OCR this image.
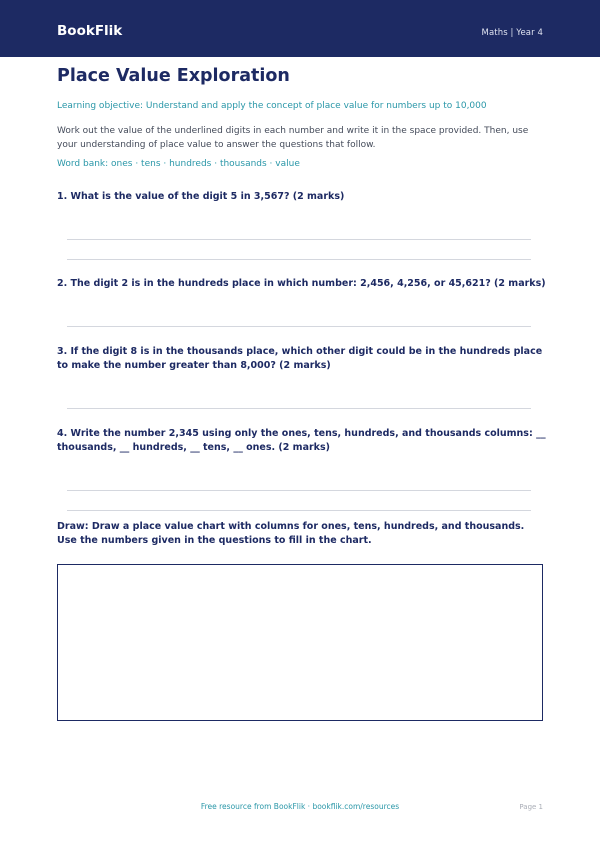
BookFlik	Maths | Year 4
Place Value Exploration
Learning objective: Understand and apply the concept of place value for numbers up to 10,000
Work out the value of the underlined digits in each number and write it in the space provided. Then, use your understanding of place value to answer the questions that follow.
Word bank: ones · tens · hundreds · thousands · value
1. What is the value of the digit 5 in 3,567? (2 marks)
2. The digit 2 is in the hundreds place in which number: 2,456, 4,256, or 45,621? (2 marks)
3. If the digit 8 is in the thousands place, which other digit could be in the hundreds place to make the number greater than 8,000? (2 marks)
4. Write the number 2,345 using only the ones, tens, hundreds, and thousands columns: __ thousands, __ hundreds, __ tens, __ ones. (2 marks)
Draw: Draw a place value chart with columns for ones, tens, hundreds, and thousands. Use the numbers given in the questions to fill in the chart.
Free resource from BookFlik · bookflik.com/resources	Page 1
